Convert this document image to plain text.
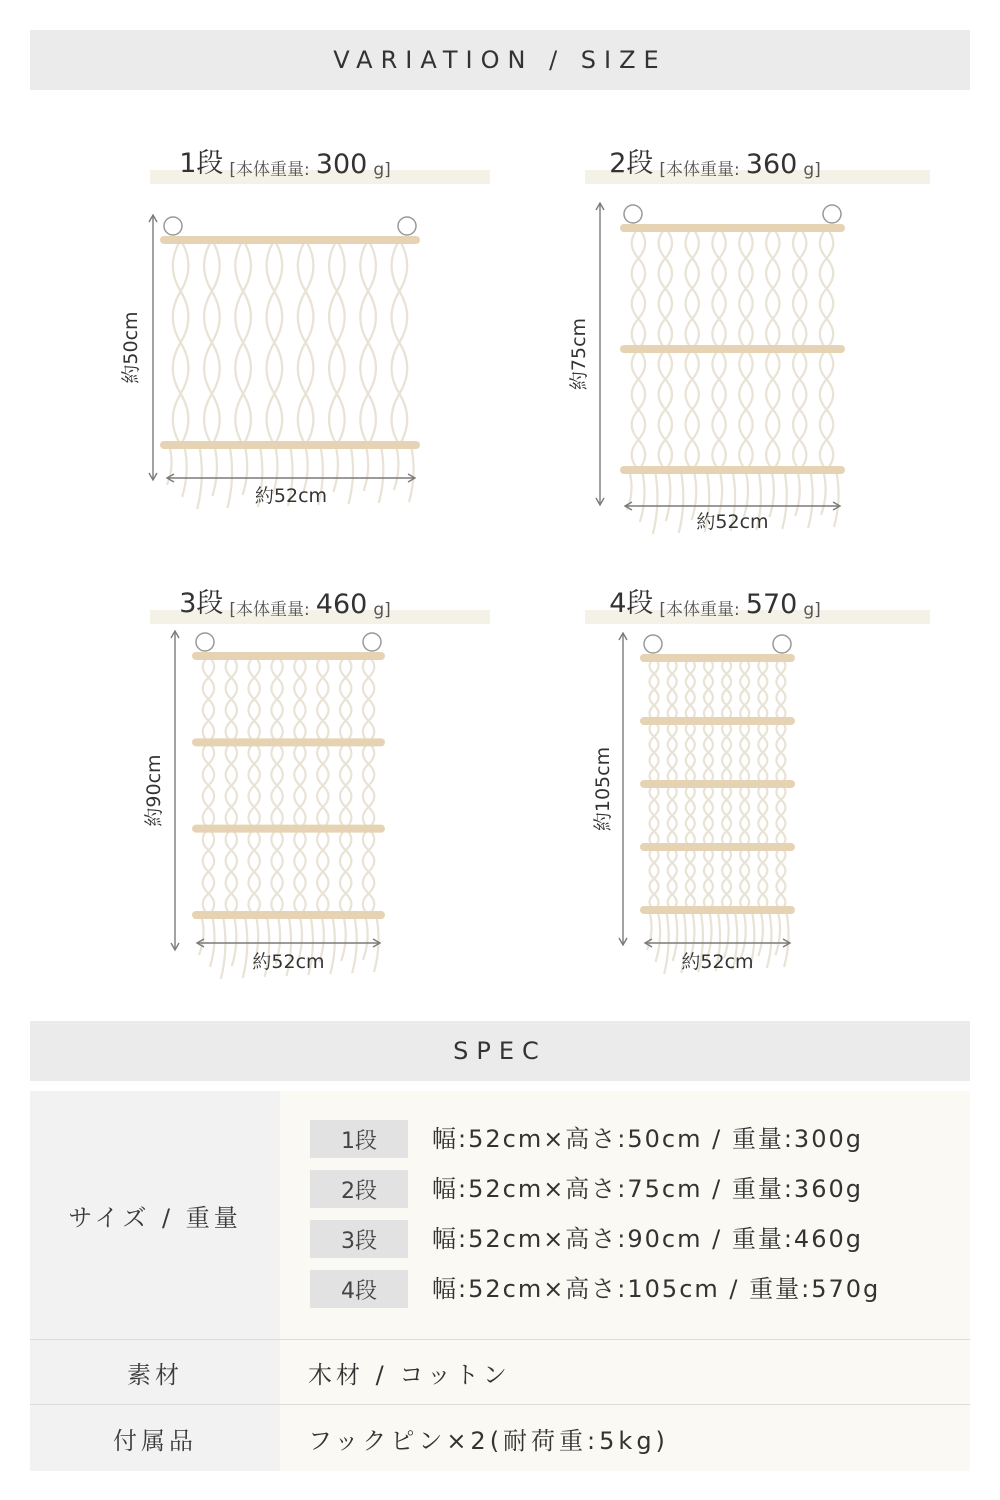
VARIATION / SIZE
1段 [本体重量: 300 g]
約50cm
約52cm
2段 [本体重量: 360 g]
約75cm
約52cm
3段 [本体重量: 460 g]
約90cm
約52cm
4段 [本体重量: 570 g]
約105cm
約52cm
SPEC
サイズ / 重量
1段	幅:52cm×高さ:50cm / 重量:300g
2段	幅:52cm×高さ:75cm / 重量:360g
3段	幅:52cm×高さ:90cm / 重量:460g
4段	幅:52cm×高さ:105cm / 重量:570g
素材	木材 / コットン
付属品	フックピン×2(耐荷重:5kg)
